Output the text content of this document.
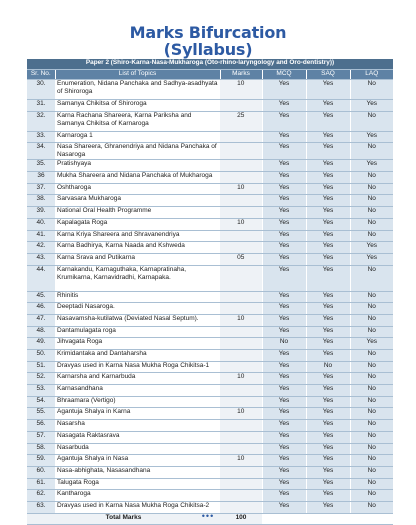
Marks Bifurcation
(Syllabus)
Paper 2 (Shiro-Karna-Nasa-Mukharoga (Oto-rhino-laryngology and Oro-dentistry))					
Sr. No.	List of Topics	Marks	MCQ	SAQ	LAQ
30.	Enumeration, Nidana Panchaka and Sadhya-asadhyata of Shiroroga	10	Yes	Yes	No
31.	Samanya Chikitsa of Shiroroga		Yes	Yes	Yes
32.	Karna Rachana Shareera, Karna Pariksha and Samanya Chikitsa of Karnaroga	25	Yes	Yes	No
33.	Karnaroga 1		Yes	Yes	Yes
34.	Nasa Shareera, Ghranendriya and Nidana Panchaka of Nasaroga		Yes	Yes	No
35.	Pratishyaya		Yes	Yes	Yes
36	Mukha Shareera and Nidana Panchaka of Mukharoga		Yes	Yes	No
37.	Oshtharoga	10	Yes	Yes	No
38.	Sarvasara Mukharoga		Yes	Yes	No
39.	National Oral Health Programme		Yes	Yes	No
40.	Kapalagata Roga	10	Yes	Yes	No
41.	Karna Kriya Shareera and Shravanendriya		Yes	Yes	No
42.	Karna Badhirya, Karna Naada and Kshweda		Yes	Yes	Yes
43.	Karna Srava and Putikarna	05	Yes	Yes	Yes
44.	Karnakandu, Karnaguthaka, Karnapratinaha, Krumikarna, Karnavidradhi, Karnapaka.		Yes	Yes	No
45.	Rhinitis		Yes	Yes	No
46.	Deeptadi Nasaroga.		Yes	Yes	No
47.	Nasavamsha-kutilatwa (Deviated Nasal Septum).	10	Yes	Yes	No
48.	Dantamulagata roga		Yes	Yes	No
49.	Jihvagata Roga		No	Yes	Yes
50.	Krimidantaka and Dantaharsha		Yes	Yes	No
51.	Dravyas used in Karna Nasa Mukha Roga Chikitsa-1		Yes	No	No
52.	Karnarsha and Karnarbuda	10	Yes	Yes	No
53.	Karnasandhana		Yes	Yes	No
54.	Bhraamara (Vertigo)		Yes	Yes	No
55.	Agantuja Shalya in Karna	10	Yes	Yes	No
56.	Nasarsha		Yes	Yes	No
57.	Nasagata Raktasrava		Yes	Yes	No
58.	Nasarbuda		Yes	Yes	No
59.	Agantuja Shalya in Nasa	10	Yes	Yes	No
60.	Nasa-abhighata, Nasasandhana		Yes	Yes	No
61.	Talugata Roga		Yes	Yes	No
62.	Kantharoga		Yes	Yes	No
63.	Dravyas used in Karna Nasa Mukha Roga Chikitsa-2		Yes	Yes	No
Total Marks		100			
•••
